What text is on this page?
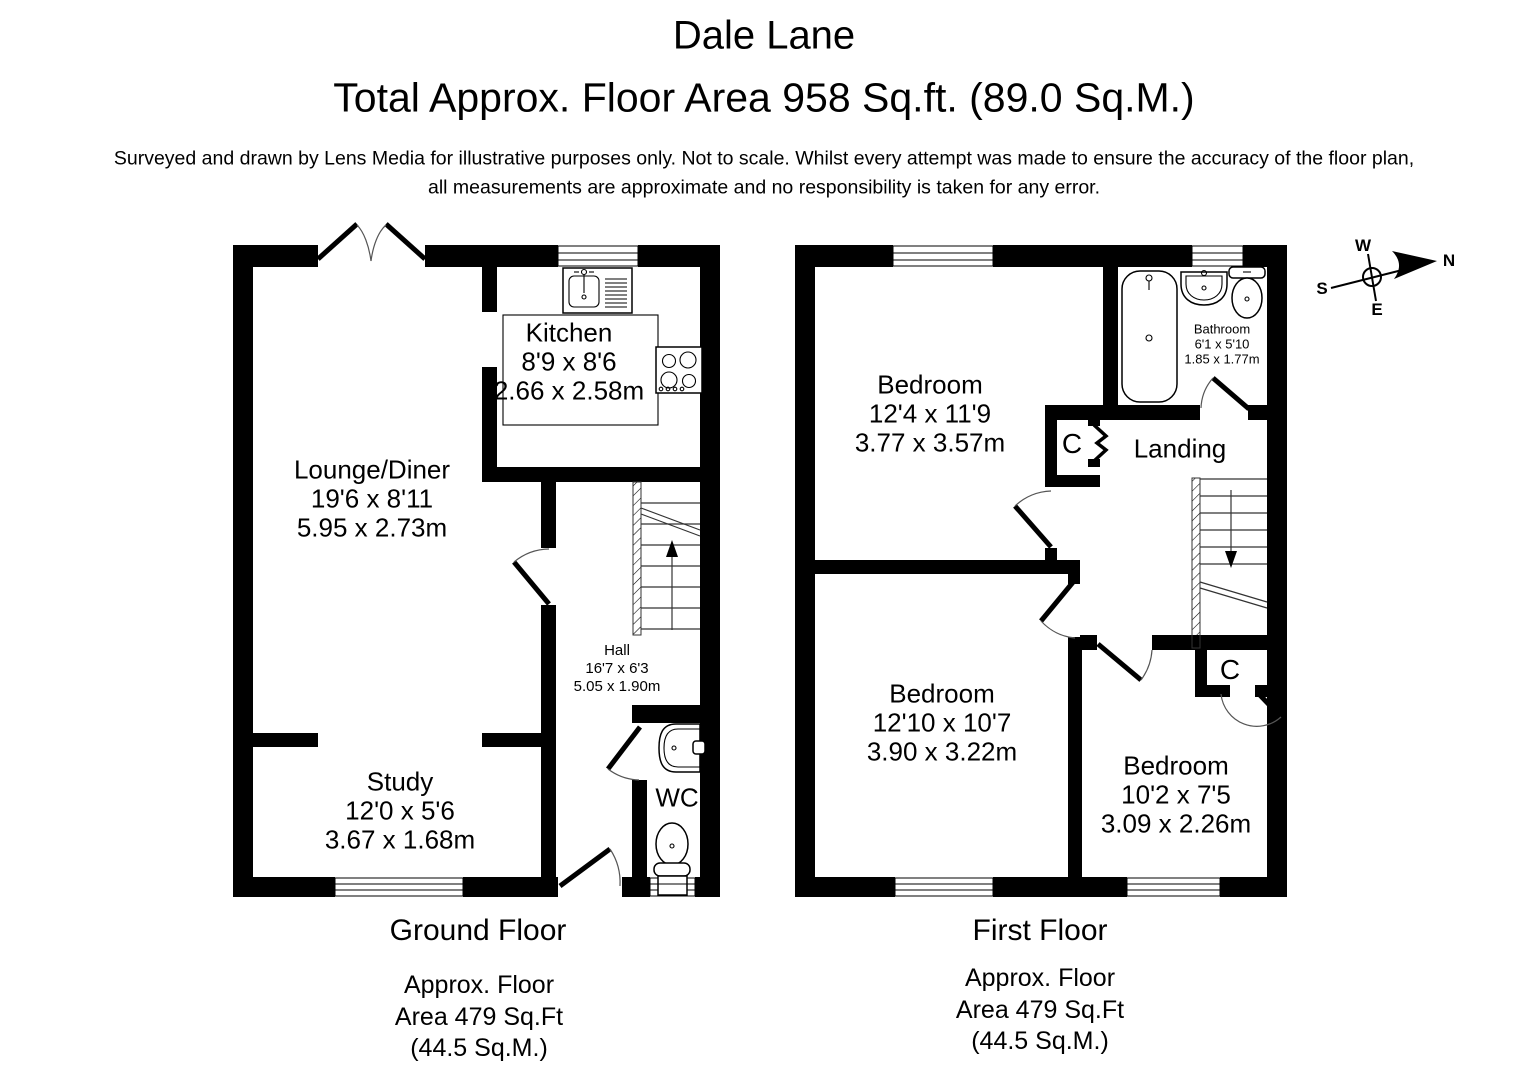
Dale Lane
Total Approx. Floor Area 958 Sq.ft. (89.0 Sq.M.)
Surveyed and drawn by Lens Media for illustrative purposes only. Not to scale. Whilst every attempt was made to ensure the accuracy of the floor plan,
all measurements are approximate and no responsibility is taken for any error.
Lounge/Diner
19'6 x 8'11
5.95 x 2.73m
Kitchen
8'9 x 8'6
2.66 x 2.58m
Hall
16'7 x 6'3
5.05 x 1.90m
Study
12'0 x 5'6
3.67 x 1.68m
WC
Bedroom
12'4 x 11'9
3.77 x 3.57m
Bathroom
6'1 x 5'10
1.85 x 1.77m
C Landing
Bedroom
12'10 x 10'7
3.90 x 3.22m	Bedroom
10'2 x 7'5
3.09 x 2.26m
C
Ground Floor
Approx. Floor
Area 479 Sq.Ft
(44.5 Sq.M.)
First Floor
Approx. Floor
Area 479 Sq.Ft
(44.5 Sq.M.)
W
N
S
E
